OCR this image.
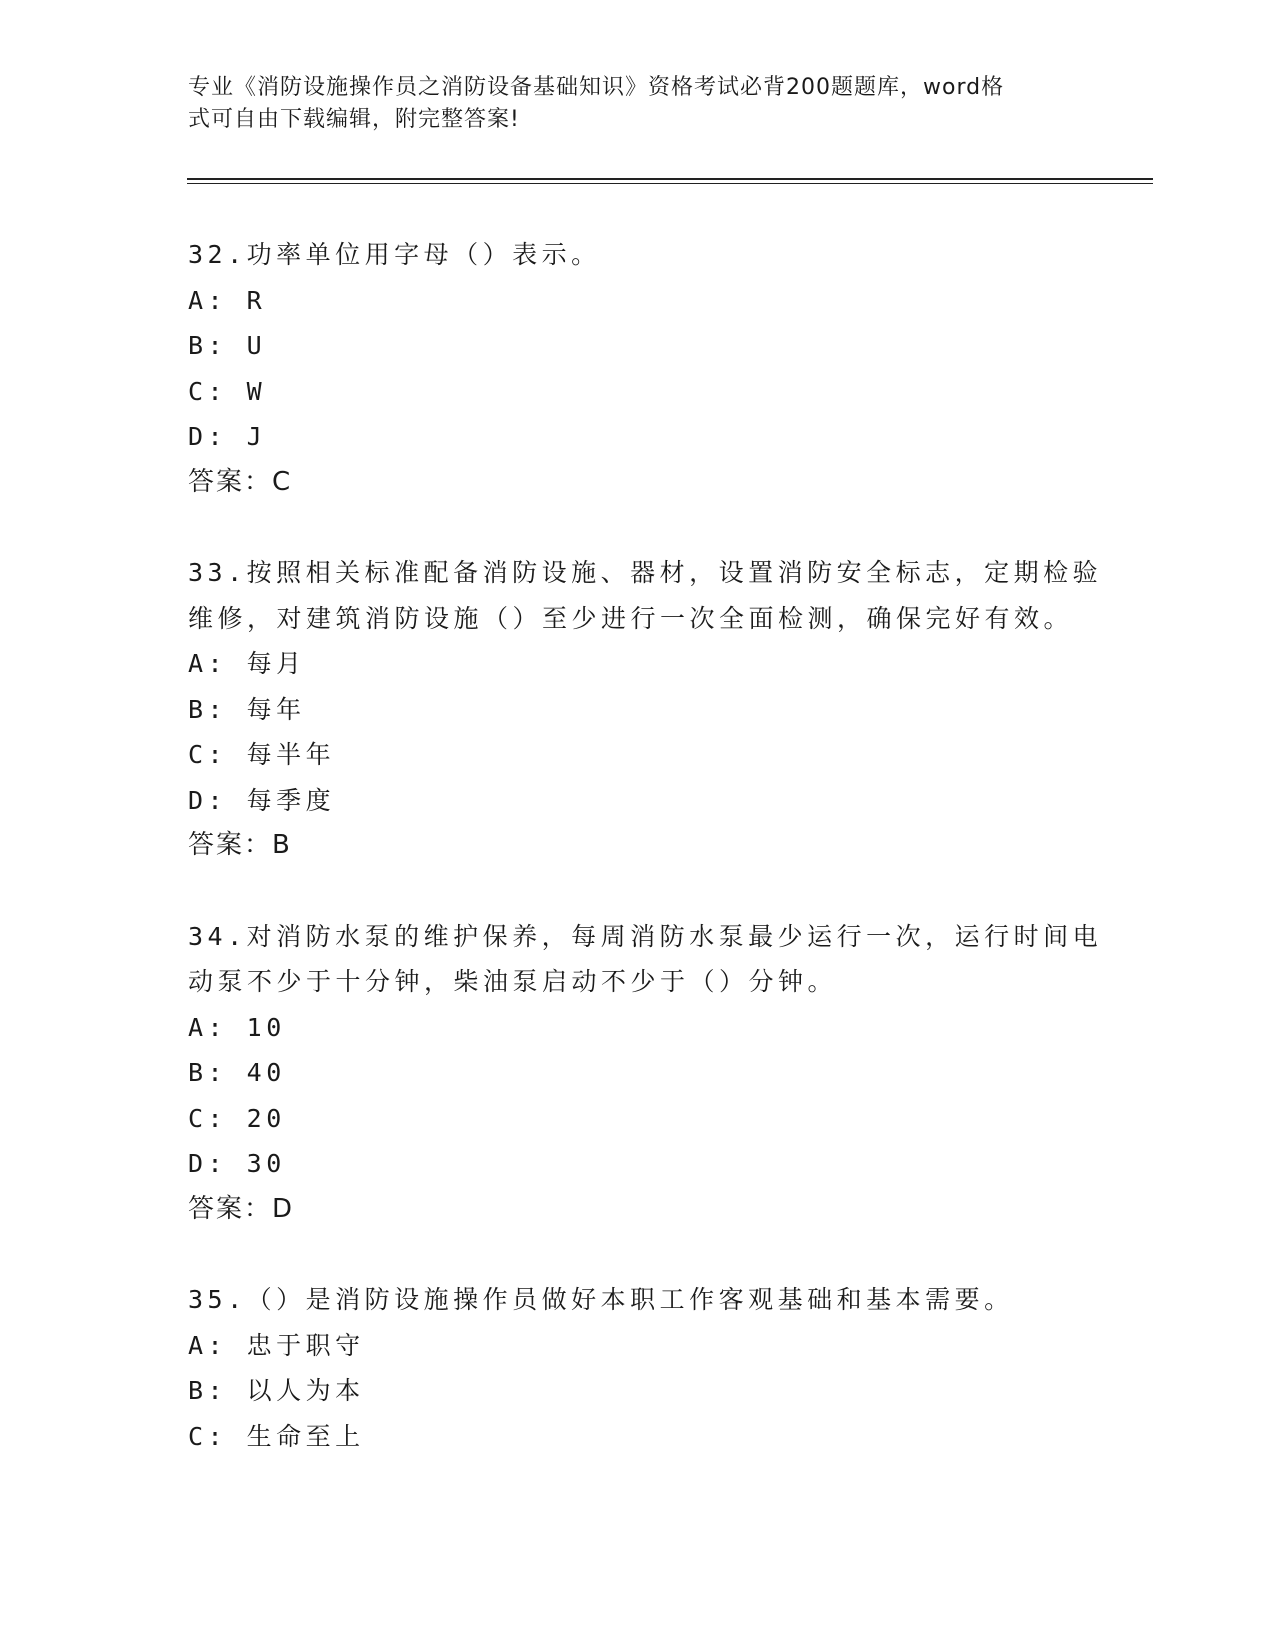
专业《消防设施操作员之消防设备基础知识》资格考试必背200题题库，word格
式可自由下载编辑，附完整答案!
32.功率单位用字母（）表示。
A: R
B: U
C: W
D: J
答案：C
33.按照相关标准配备消防设施、器材，设置消防安全标志，定期检验
维修，对建筑消防设施（）至少进行一次全面检测，确保完好有效。
A: 每月
B: 每年
C: 每半年
D: 每季度
答案：B
34.对消防水泵的维护保养，每周消防水泵最少运行一次，运行时间电
动泵不少于十分钟，柴油泵启动不少于（）分钟。
A: 10
B: 40
C: 20
D: 30
答案：D
35.（）是消防设施操作员做好本职工作客观基础和基本需要。
A: 忠于职守
B: 以人为本
C: 生命至上
